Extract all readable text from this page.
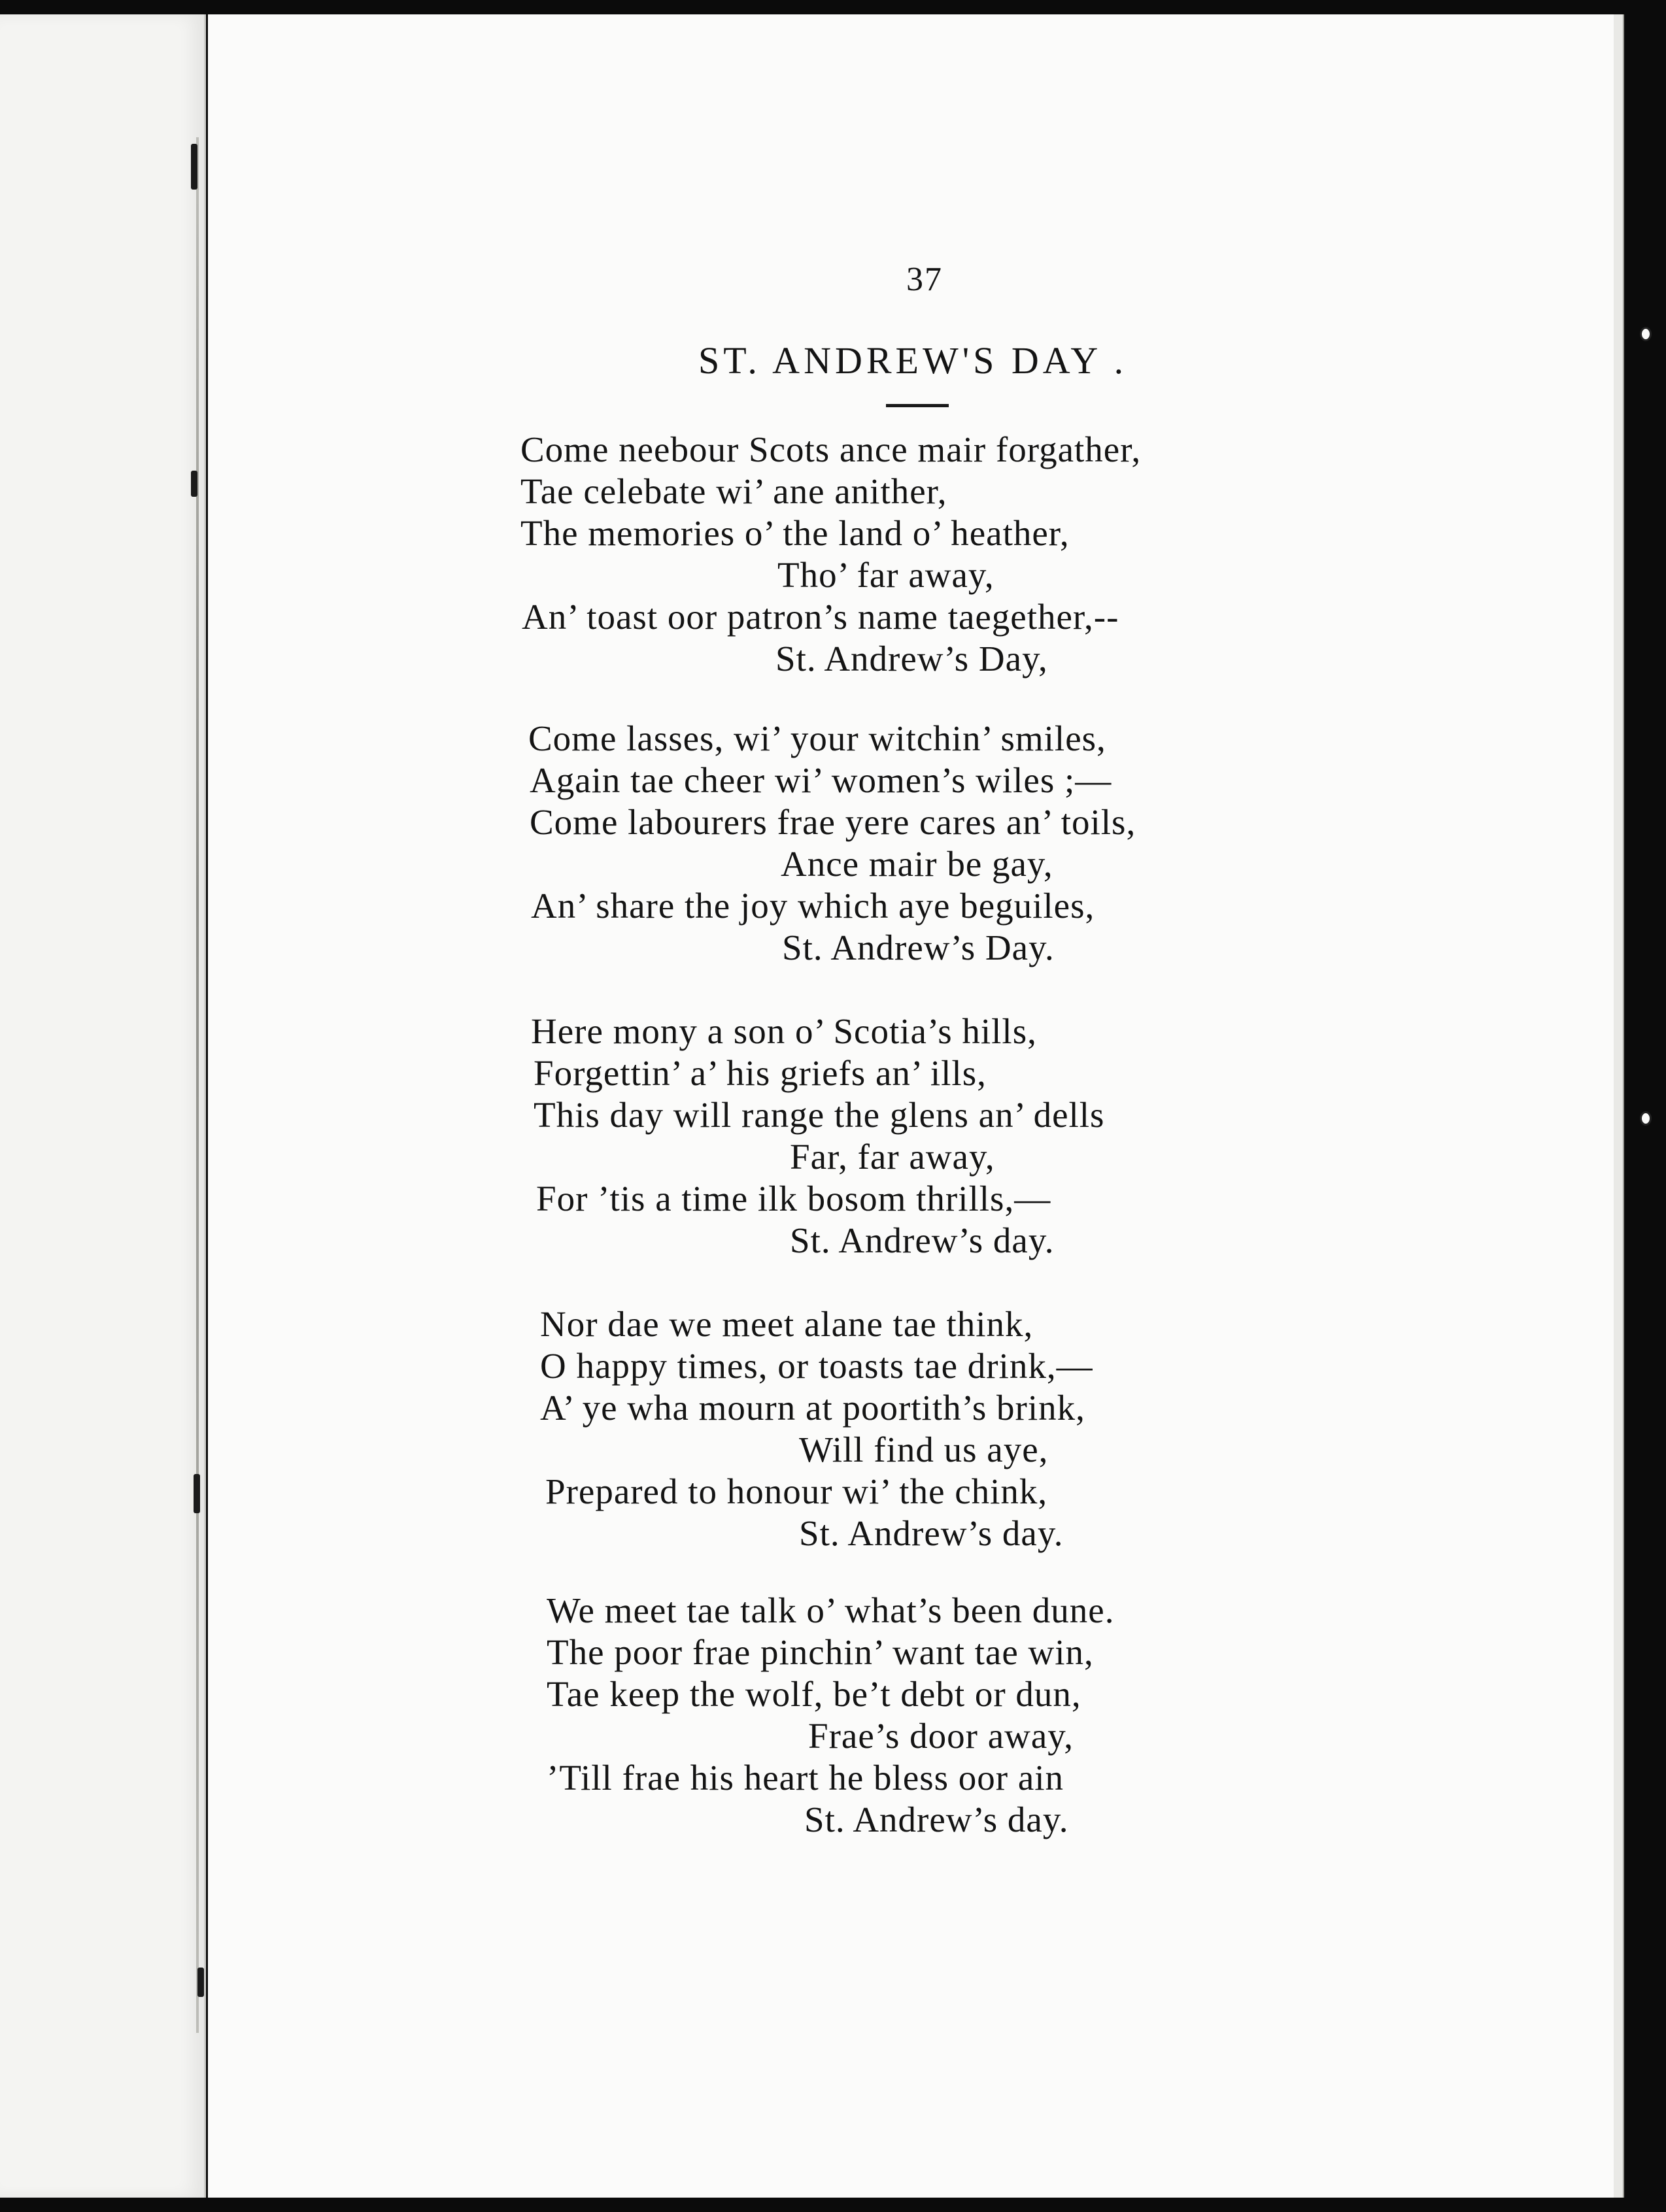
37
ST. ANDREW'S DAY .
Come neebour Scots ance mair forgather,
Tae celebate wi’ ane anither,
The memories o’ the land o’ heather,
Tho’ far away,
An’ toast oor patron’s name taegether,--
St. Andrew’s Day,
Come lasses, wi’ your witchin’ smiles,
Again tae cheer wi’ women’s wiles ;—
Come labourers frae yere cares an’ toils,
Ance mair be gay,
An’ share the joy which aye beguiles,
St. Andrew’s Day.
Here mony a son o’ Scotia’s hills,
Forgettin’ a’ his griefs an’ ills,
This day will range the glens an’ dells
Far, far away,
For ’tis a time ilk bosom thrills,—
St. Andrew’s day.
Nor dae we meet alane tae think,
O happy times, or toasts tae drink,—
A’ ye wha mourn at poortith’s brink,
Will find us aye,
Prepared to honour wi’ the chink,
St. Andrew’s day.
We meet tae talk o’ what’s been dune.
The poor frae pinchin’ want tae win,
Tae keep the wolf, be’t debt or dun,
Frae’s door away,
’Till frae his heart he bless oor ain
St. Andrew’s day.
